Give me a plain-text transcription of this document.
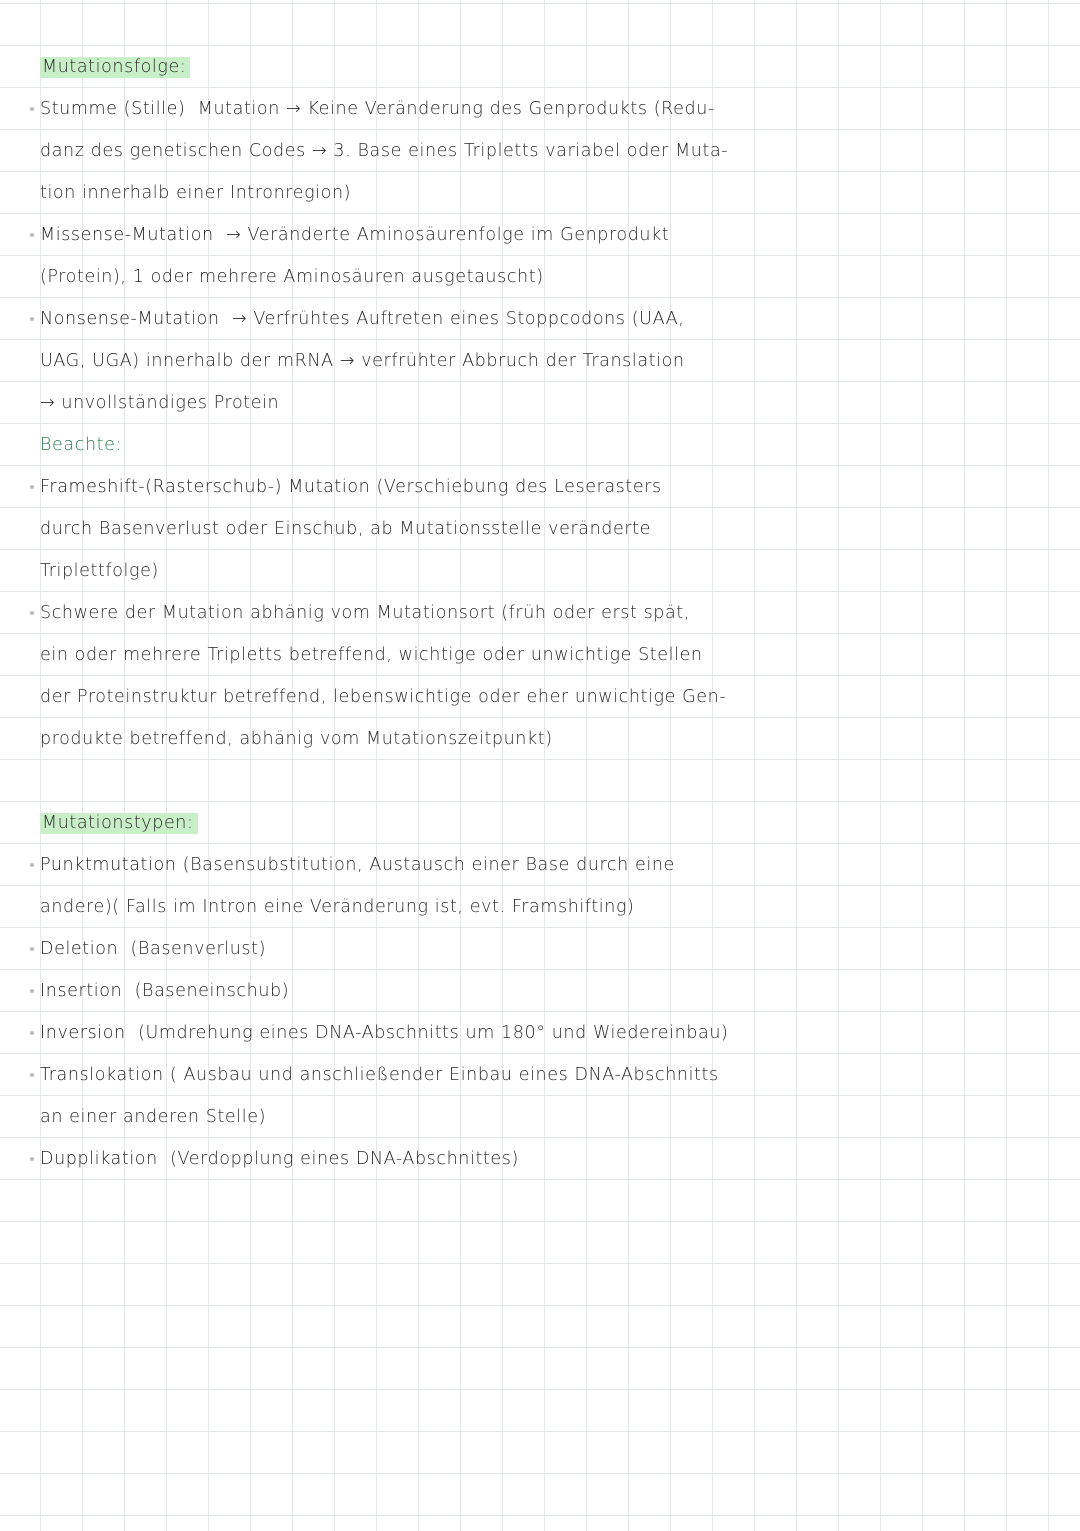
Mutationsfolge:
Stumme (Stille) Mutation → Keine Veränderung des Genprodukts (Redu-
danz des genetischen Codes → 3. Base eines Tripletts variabel oder Muta-
tion innerhalb einer Intronregion)
Missense-Mutation → Veränderte Aminosäurenfolge im Genprodukt
(Protein), 1 oder mehrere Aminosäuren ausgetauscht)
Nonsense-Mutation → Verfrühtes Auftreten eines Stoppcodons (UAA,
UAG, UGA) innerhalb der mRNA → verfrühter Abbruch der Translation
→ unvollständiges Protein
Beachte:
Frameshift-(Rasterschub-) Mutation (Verschiebung des Leserasters
durch Basenverlust oder Einschub, ab Mutationsstelle veränderte
Triplettfolge)
Schwere der Mutation abhänig vom Mutationsort (früh oder erst spät,
ein oder mehrere Tripletts betreffend, wichtige oder unwichtige Stellen
der Proteinstruktur betreffend, lebenswichtige oder eher unwichtige Gen-
produkte betreffend, abhänig vom Mutationszeitpunkt)
Mutationstypen:
Punktmutation (Basensubstitution, Austausch einer Base durch eine
andere)( Falls im Intron eine Veränderung ist, evt. Framshifting)
Deletion (Basenverlust)
Insertion (Baseneinschub)
Inversion (Umdrehung eines DNA-Abschnitts um 180° und Wiedereinbau)
Translokation ( Ausbau und anschließender Einbau eines DNA-Abschnitts
an einer anderen Stelle)
Dupplikation (Verdopplung eines DNA-Abschnittes)
